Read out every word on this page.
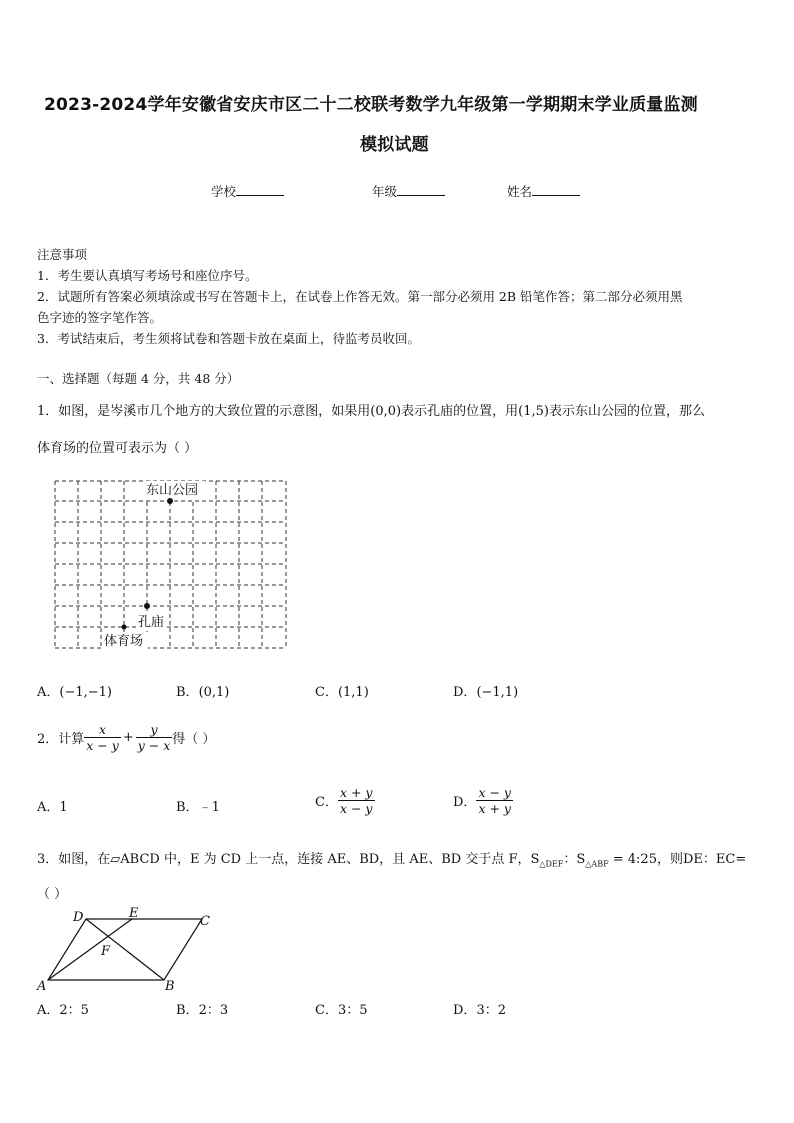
2023-2024学年安徽省安庆市区二十二校联考数学九年级第一学期期末学业质量监测
模拟试题
学校	年级	姓名
注意事项
1．考生要认真填写考场号和座位序号。
2．试题所有答案必须填涂或书写在答题卡上，在试卷上作答无效。第一部分必须用 2B 铅笔作答；第二部分必须用黑
色字迹的签字笔作答。
3．考试结束后，考生须将试卷和答题卡放在桌面上，待监考员收回。
一、选择题（每题 4 分，共 48 分）
1．如图，是岑溪市几个地方的大致位置的示意图，如果用(0,0)表示孔庙的位置，用(1,5)表示东山公园的位置，那么
体育场的位置可表示为（ ）
东山公园
孔庙
体育场
A．(−1,−1)	B．(0,1)	C．(1,1)	D．(−1,1)
2．计算 $\frac{x}{x - y} + \frac{y}{y - x}$ 得（ ）
A．1	B．﹣1	C． $\frac{x + y}{x - y}$	D． $\frac{x - y}{x + y}$
3．如图，在▱ABCD 中，E 为 CD 上一点，连接 AE、BD，且 AE、BD 交于点 F，$S_{\triangle DEF}$：$S_{\triangle ABF}$ = 4:25，则DE：EC=
（ ）
A	B
C
D	E
F
A．2：5	B．2：3	C．3：5	D．3：2
